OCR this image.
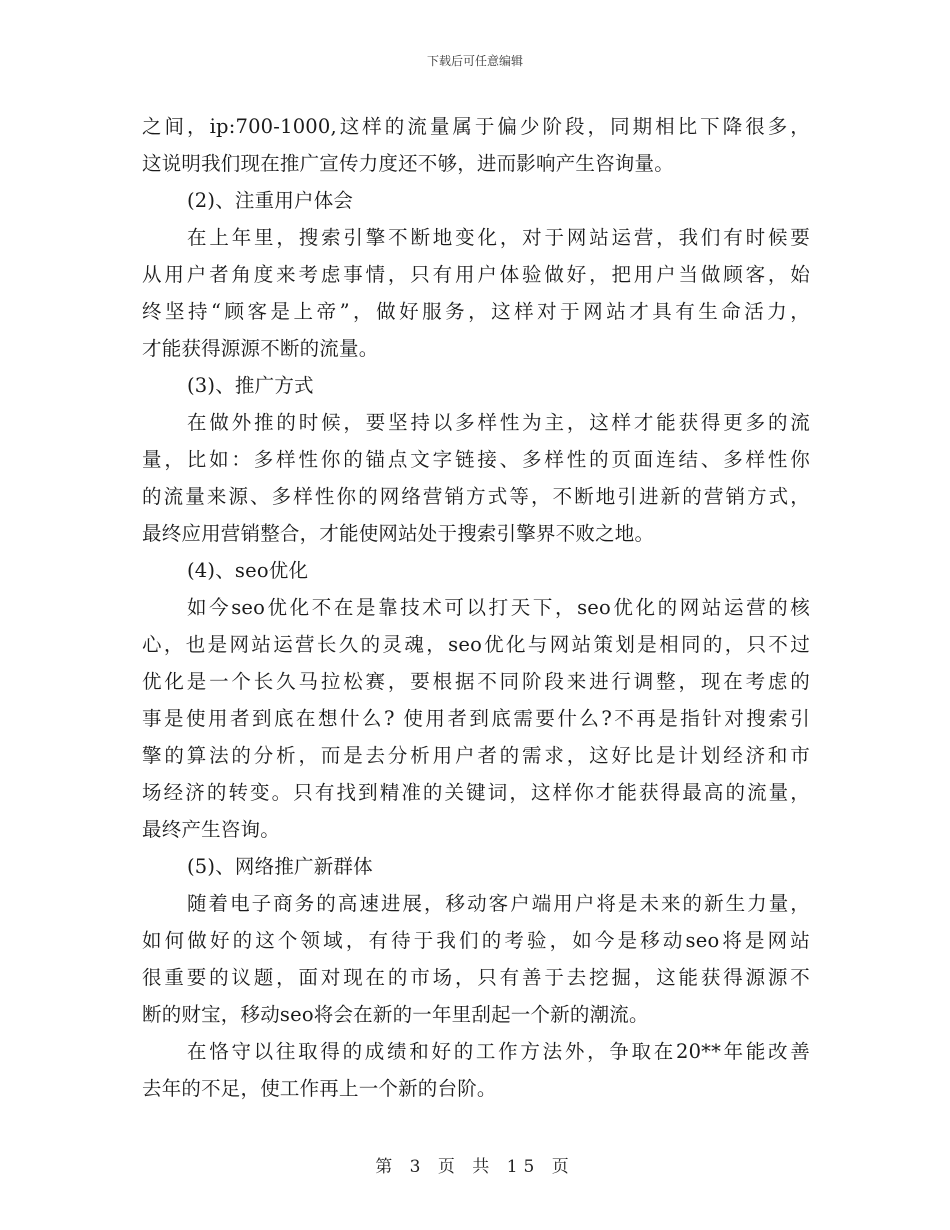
下载后可任意编辑
之间，ip:700-1000,这样的流量属于偏少阶段，同期相比下降很多，
这说明我们现在推广宣传力度还不够，进而影响产生咨询量。
(2)、注重用户体会
在上年里，搜索引擎不断地变化，对于网站运营，我们有时候要
从用户者角度来考虑事情，只有用户体验做好，把用户当做顾客，始
终坚持“顾客是上帝”，做好服务，这样对于网站才具有生命活力，
才能获得源源不断的流量。
(3)、推广方式
在做外推的时候，要坚持以多样性为主，这样才能获得更多的流
量，比如：多样性你的锚点文字链接、多样性的页面连结、多样性你
的流量来源、多样性你的网络营销方式等，不断地引进新的营销方式，
最终应用营销整合，才能使网站处于搜索引擎界不败之地。
(4)、seo优化
如今seo优化不在是靠技术可以打天下，seo优化的网站运营的核
心，也是网站运营长久的灵魂，seo优化与网站策划是相同的，只不过
优化是一个长久马拉松赛，要根据不同阶段来进行调整，现在考虑的
事是使用者到底在想什么? 使用者到底需要什么?不再是指针对搜索引
擎的算法的分析，而是去分析用户者的需求，这好比是计划经济和市
场经济的转变。只有找到精准的关键词，这样你才能获得最高的流量，
最终产生咨询。
(5)、网络推广新群体
随着电子商务的高速进展，移动客户端用户将是未来的新生力量，
如何做好的这个领域，有待于我们的考验，如今是移动seo将是网站
很重要的议题，面对现在的市场，只有善于去挖掘，这能获得源源不
断的财宝，移动seo将会在新的一年里刮起一个新的潮流。
在恪守以往取得的成绩和好的工作方法外，争取在20**年能改善
去年的不足，使工作再上一个新的台阶。
第 3 页 共 15 页
